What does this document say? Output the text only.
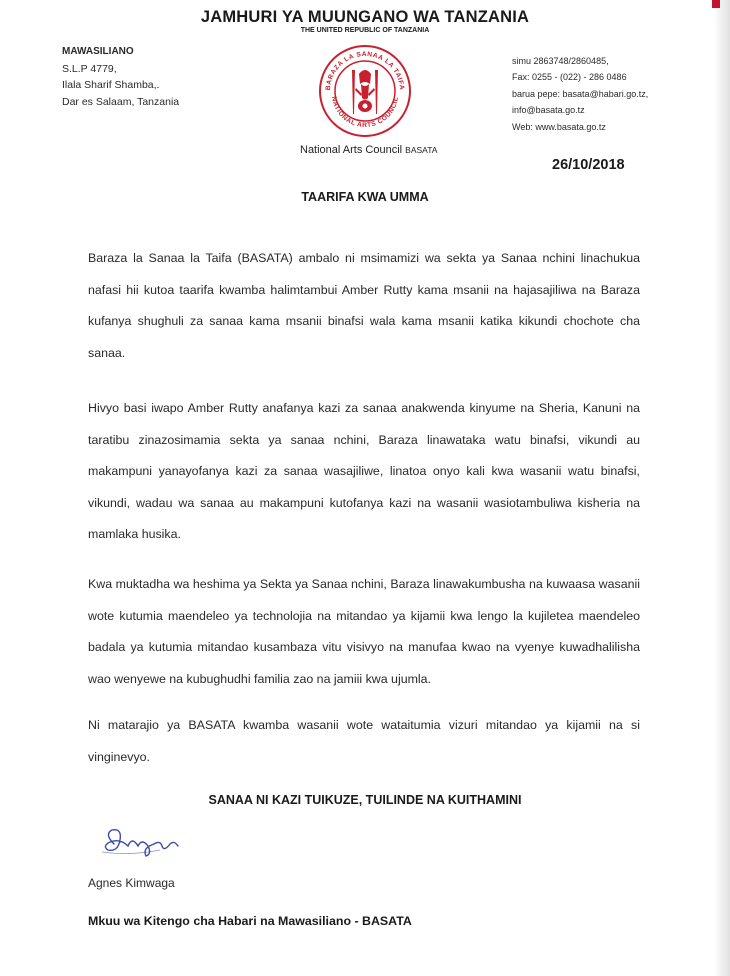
JAMHURI YA MUUNGANO WA TANZANIA
THE UNITED REPUBLIC OF TANZANIA
MAWASILIANO
S.L.P 4779,
Ilala Sharif Shamba,.
Dar es Salaam, Tanzania
BARAZA LA SANAA LA TAIFA
NATIONAL ARTS COUNCIL
simu 2863748/2860485,
Fax: 0255 - (022) - 286 0486
barua pepe: basata@habari.go.tz,
info@basata.go.tz
Web: www.basata.go.tz
National Arts Council BASATA
26/10/2018
TAARIFA KWA UMMA

Baraza la Sanaa la Taifa (BASATA) ambalo ni msimamizi wa sekta ya Sanaa nchini linachukua nafasi hii kutoa taarifa kwamba halimtambui Amber Rutty kama msanii na hajasajiliwa na Baraza kufanya shughuli za sanaa kama msanii binafsi wala kama msanii katika kikundi chochote cha sanaa.

Hivyo basi iwapo Amber Rutty anafanya kazi za sanaa anakwenda kinyume na Sheria, Kanuni na taratibu zinazosimamia sekta ya sanaa nchini, Baraza linawataka watu binafsi, vikundi au makampuni yanayofanya kazi za sanaa wasajiliwe, linatoa onyo kali kwa wasanii watu binafsi, vikundi, wadau wa sanaa au makampuni kutofanya kazi na wasanii wasiotambuliwa kisheria na mamlaka husika.

Kwa muktadha wa heshima ya Sekta ya Sanaa nchini, Baraza linawakumbusha na kuwaasa wasanii wote kutumia maendeleo ya technolojia na mitandao ya kijamii kwa lengo la kujiletea maendeleo badala ya kutumia mitandao kusambaza vitu visivyo na manufaa kwao na vyenye kuwadhalilisha wao wenyewe na kubughudhi familia zao na jamiii kwa ujumla.

Ni matarajio ya BASATA kwamba wasanii wote wataitumia vizuri mitandao ya kijamii na si vinginevyo.

SANAA NI KAZI TUIKUZE, TUILINDE NA KUITHAMINI
Agnes Kimwaga
Mkuu wa Kitengo cha Habari na Mawasiliano - BASATA
